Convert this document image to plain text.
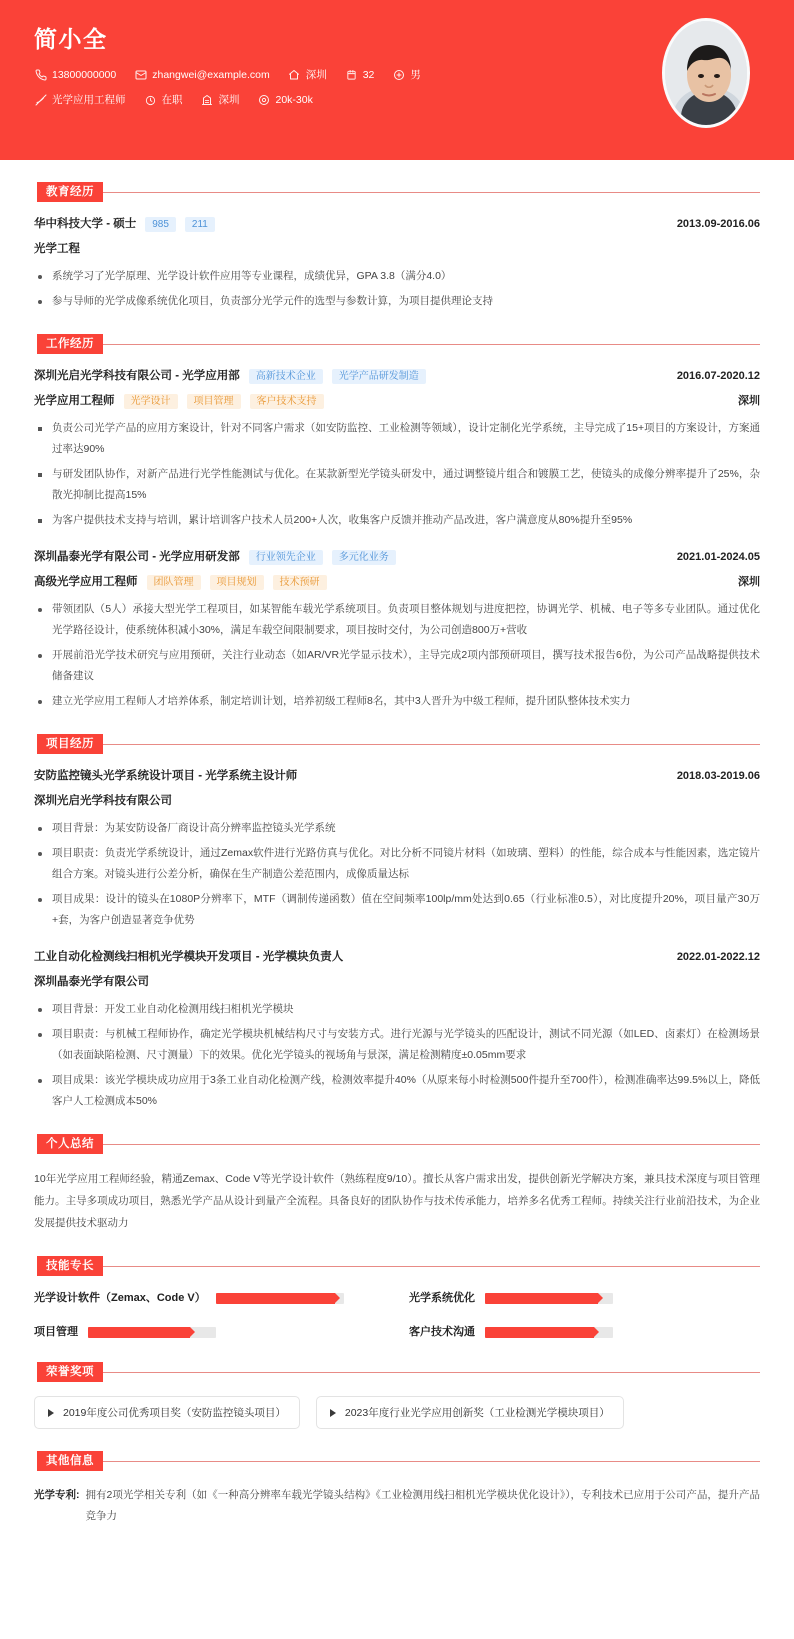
简小全
13800000000	zhangwei@example.com	深圳	32	男
光学应用工程师	在职	深圳	20k-30k
教育经历
华中科技大学 - 硕士	985	211	2013.09-2016.06
光学工程
系统学习了光学原理、光学设计软件应用等专业课程，成绩优异，GPA 3.8（满分4.0）
参与导师的光学成像系统优化项目，负责部分光学元件的选型与参数计算，为项目提供理论支持
工作经历
深圳光启光学科技有限公司 - 光学应用部	高新技术企业	光学产品研发制造	2016.07-2020.12
光学应用工程师	光学设计	项目管理	客户技术支持	深圳
负责公司光学产品的应用方案设计，针对不同客户需求（如安防监控、工业检测等领域），设计定制化光学系统，主导完成了15+项目的方案设计，方案通过率达90%
与研发团队协作，对新产品进行光学性能测试与优化。在某款新型光学镜头研发中，通过调整镜片组合和镀膜工艺，使镜头的成像分辨率提升了25%，杂散光抑制比提高15%
为客户提供技术支持与培训，累计培训客户技术人员200+人次，收集客户反馈并推动产品改进，客户满意度从80%提升至95%
深圳晶泰光学有限公司 - 光学应用研发部	行业领先企业	多元化业务	2021.01-2024.05
高级光学应用工程师	团队管理	项目规划	技术预研	深圳
带领团队（5人）承接大型光学工程项目，如某智能车载光学系统项目。负责项目整体规划与进度把控，协调光学、机械、电子等多专业团队。通过优化光学路径设计，使系统体积减小30%，满足车载空间限制要求，项目按时交付，为公司创造800万+营收
开展前沿光学技术研究与应用预研，关注行业动态（如AR/VR光学显示技术），主导完成2项内部预研项目，撰写技术报告6份，为公司产品战略提供技术储备建议
建立光学应用工程师人才培养体系，制定培训计划，培养初级工程师8名，其中3人晋升为中级工程师，提升团队整体技术实力
项目经历
安防监控镜头光学系统设计项目 - 光学系统主设计师	2018.03-2019.06
深圳光启光学科技有限公司
项目背景：为某安防设备厂商设计高分辨率监控镜头光学系统
项目职责：负责光学系统设计，通过Zemax软件进行光路仿真与优化。对比分析不同镜片材料（如玻璃、塑料）的性能，综合成本与性能因素，选定镜片组合方案。对镜头进行公差分析，确保在生产制造公差范围内，成像质量达标
项目成果：设计的镜头在1080P分辨率下，MTF（调制传递函数）值在空间频率100lp/mm处达到0.65（行业标准0.5），对比度提升20%，项目量产30万+套，为客户创造显著竞争优势
工业自动化检测线扫相机光学模块开发项目 - 光学模块负责人	2022.01-2022.12
深圳晶泰光学有限公司
项目背景：开发工业自动化检测用线扫相机光学模块
项目职责：与机械工程师协作，确定光学模块机械结构尺寸与安装方式。进行光源与光学镜头的匹配设计，测试不同光源（如LED、卤素灯）在检测场景（如表面缺陷检测、尺寸测量）下的效果。优化光学镜头的视场角与景深，满足检测精度±0.05mm要求
项目成果：该光学模块成功应用于3条工业自动化检测产线，检测效率提升40%（从原来每小时检测500件提升至700件），检测准确率达99.5%以上，降低客户人工检测成本50%
个人总结
10年光学应用工程师经验，精通Zemax、Code V等光学设计软件（熟练程度9/10）。擅长从客户需求出发，提供创新光学解决方案，兼具技术深度与项目管理能力。主导多项成功项目，熟悉光学产品从设计到量产全流程。具备良好的团队协作与技术传承能力，培养多名优秀工程师。持续关注行业前沿技术，为企业发展提供技术驱动力
技能专长
光学设计软件（Zemax、Code V）	光学系统优化
项目管理	客户技术沟通
荣誉奖项
2019年度公司优秀项目奖（安防监控镜头项目）	2023年度行业光学应用创新奖（工业检测光学模块项目）
其他信息
光学专利: 拥有2项光学相关专利（如《一种高分辨率车载光学镜头结构》《工业检测用线扫相机光学模块优化设计》），专利技术已应用于公司产品，提升产品竞争力
